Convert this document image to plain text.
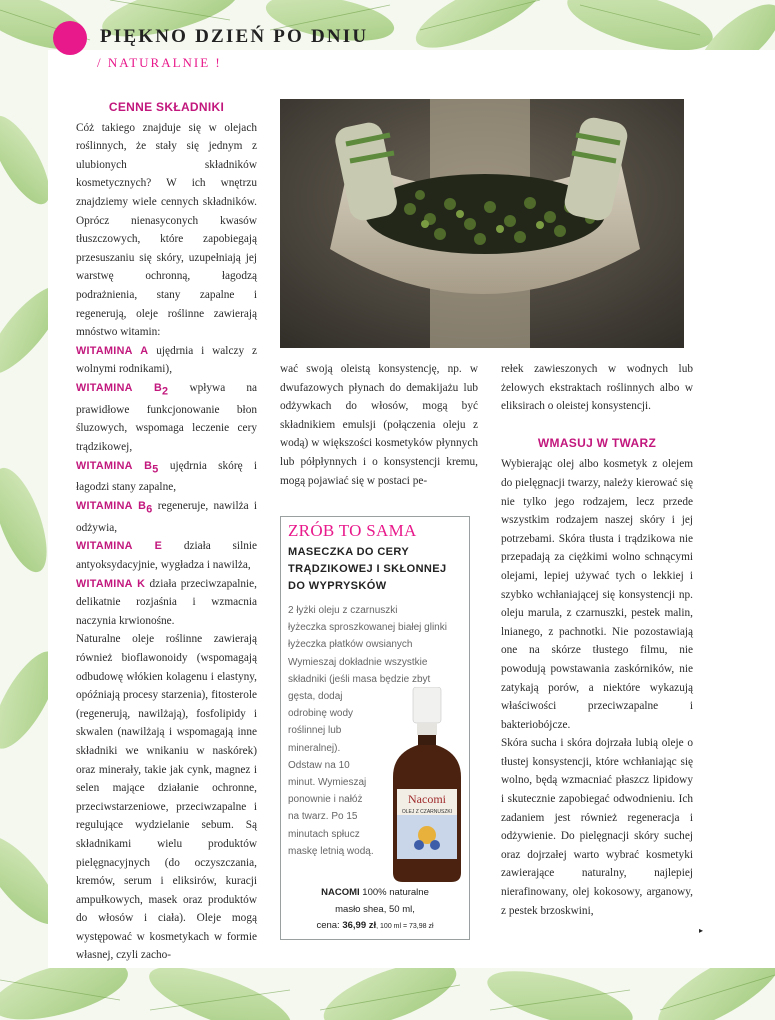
PIĘKNO DZIEŃ PO DNIU
/ NATURALNIE !
CENNE SKŁADNIKI

Cóż takiego znajduje się w olejach roślinnych, że stały się jednym z ulubionych składników kosmetycznych? W ich wnętrzu znajdziemy wiele cennych składników. Oprócz nienasyconych kwasów tłuszczowych, które zapobiegają przesuszaniu się skóry, uzupełniają jej warstwę ochronną, łagodzą podrażnienia, stany zapalne i regenerują, oleje roślinne zawierają mnóstwo witamin:

WITAMINA A ujędrnia i walczy z wolnymi rodnikami),

WITAMINA $B_2$ wpływa na prawidłowe funkcjonowanie błon śluzowych, wspomaga leczenie cery trądzikowej,

WITAMINA $B_5$ ujędrnia skórę i łagodzi stany zapalne,

WITAMINA $B_6$ regeneruje, nawilża i odżywia,

WITAMINA E działa silnie antyoksydacyjnie, wygładza i nawilża,

WITAMINA K działa przeciwzapalnie, delikatnie rozjaśnia i wzmacnia naczynia krwionośne.

Naturalne oleje roślinne zawierają również bioflawonoidy (wspomagają odbudowę włókien kolagenu i elastyny, opóźniają procesy starzenia), fitosterole (regenerują, nawilżają), fosfolipidy i skwalen (nawilżają i wspomagają inne składniki we wnikaniu w naskórek) oraz minerały, takie jak cynk, magnez i selen mające działanie ochronne, przeciwstarzeniowe, przeciwzapalne i regulujące wydzielanie sebum. Są składnikami wielu produktów pielęgnacyjnych (do oczyszczania, kremów, serum i eliksirów, kuracji ampułkowych, masek oraz produktów do włosów i ciała). Oleje mogą występować w kosmetykach w formie własnej, czyli zacho-

wać swoją oleistą konsystencję, np. w dwufazowych płynach do demakijażu lub odżywkach do włosów, mogą być składnikiem emulsji (połączenia oleju z wodą) w większości kosmetyków płynnych lub półpłynnych i o konsystencji kremu, mogą pojawiać się w postaci pe-

rełek zawieszonych w wodnych lub żelowych ekstraktach roślinnych albo w eliksirach o oleistej konsystencji.

WMASUJ W TWARZ

Wybierając olej albo kosmetyk z olejem do pielęgnacji twarzy, należy kierować się nie tylko jego rodzajem, lecz przede wszystkim rodzajem naszej skóry i jej potrzebami. Skóra tłusta i trądzikowa nie przepadają za ciężkimi wolno schnącymi olejami, lepiej używać tych o lekkiej i szybko wchłaniającej się konsystencji np. oleju marula, z czarnuszki, pestek malin, lnianego, z pachnotki. Nie pozostawiają one na skórze tłustego filmu, nie powodują powstawania zaskórników, nie zatykają porów, a niektóre wykazują właściwości przeciwzapalne i bakteriobójcze.

Skóra sucha i skóra dojrzała lubią oleje o tłustej konsystencji, które wchłaniając się wolno, będą wzmacniać płaszcz lipidowy i skutecznie zapobiegać odwodnieniu. Ich zadaniem jest również regeneracja i odżywienie. Do pielęgnacji skóry suchej oraz dojrzałej warto wybrać kosmetyki zawierające naturalny, najlepiej nierafinowany, olej kokosowy, arganowy, z pestek brzoskwini,

▸
ZRÓB TO SAMA
MASECZKA DO CERY TRĄDZIKOWEJ I SKŁONNEJ DO WYPRYSKÓW
2 łyżki oleju z czarnuszki
łyżeczka sproszkowanej białej glinki
łyżeczka płatków owsianych
Wymieszaj dokładnie wszystkie
składniki (jeśli masa będzie zbyt
gęsta, dodaj
odrobinę wody
roślinnej lub
mineralnej).
Odstaw na 10
minut. Wymieszaj
ponownie i nałóż
na twarz. Po 15
minutach spłucz
maskę letnią wodą.
Nacomi
OLEJ Z CZARNUSZKI
NACOMI 100% naturalne
masło shea, 50 ml,
cena: 36,99 zł, 100 ml = 73,98 zł
